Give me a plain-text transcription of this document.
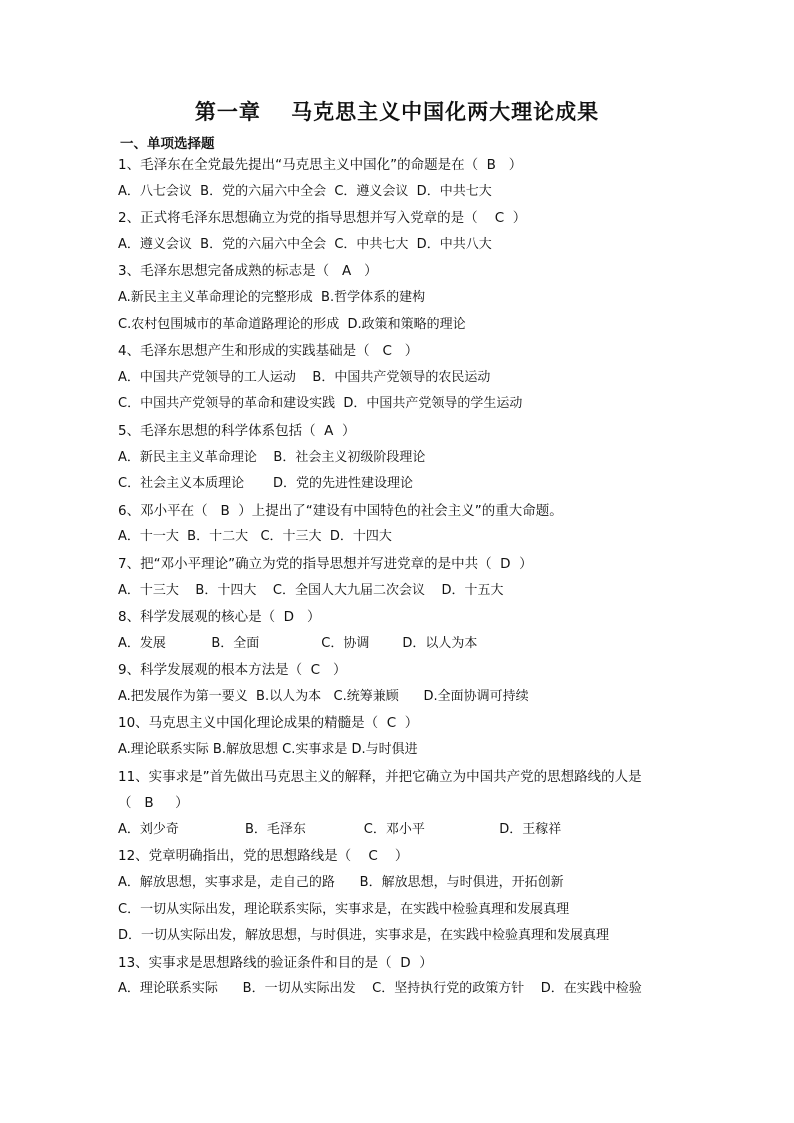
第一章　 马克思主义中国化两大理论成果
一、单项选择题
1、毛泽东在全党最先提出“马克思主义中国化”的命题是在（  B   ）
A．八七会议  B．党的六届六中全会  C．遵义会议  D．中共七大
2、正式将毛泽东思想确立为党的指导思想并写入党章的是（    C  ）
A．遵义会议  B．党的六届六中全会  C．中共七大  D．中共八大
3、毛泽东思想完备成熟的标志是（   A   ）
A.新民主主义革命理论的完整形成  B.哲学体系的建构
C.农村包围城市的革命道路理论的形成  D.政策和策略的理论
4、毛泽东思想产生和形成的实践基础是（   C   ）
A．中国共产党领导的工人运动    B．中国共产党领导的农民运动
C．中国共产党领导的革命和建设实践  D．中国共产党领导的学生运动
5、毛泽东思想的科学体系包括（  A  ）
A．新民主主义革命理论    B．社会主义初级阶段理论
C．社会主义本质理论       D．党的先进性建设理论
6、邓小平在（   B  ）上提出了“建设有中国特色的社会主义”的重大命题。
A．十一大  B．十二大   C．十三大  D．十四大
7、把“邓小平理论”确立为党的指导思想并写进党章的是中共（  D  ）
A．十三大    B．十四大    C．全国人大九届二次会议    D．十五大
8、科学发展观的核心是（  D   ）
A．发展           B．全面               C．协调        D．以人为本
9、科学发展观的根本方法是（  C   ）
A.把发展作为第一要义  B.以人为本   C.统筹兼顾      D.全面协调可持续
10、马克思主义中国化理论成果的精髓是（  C  ）
A.理论联系实际 B.解放思想 C.实事求是 D.与时俱进
11、实事求是”首先做出马克思主义的解释，并把它确立为中国共产党的思想路线的人是
（   B     ）
A．刘少奇                B．毛泽东              C．邓小平                  D．王稼祥
12、党章明确指出，党的思想路线是（    C    ）
A．解放思想，实事求是，走自己的路      B．解放思想，与时俱进，开拓创新
C．一切从实际出发，理论联系实际，实事求是，在实践中检验真理和发展真理
D．一切从实际出发，解放思想，与时俱进，实事求是，在实践中检验真理和发展真理
13、实事求是思想路线的验证条件和目的是（  D  ）
A．理论联系实际      B．一切从实际出发    C．坚持执行党的政策方针    D．在实践中检验
